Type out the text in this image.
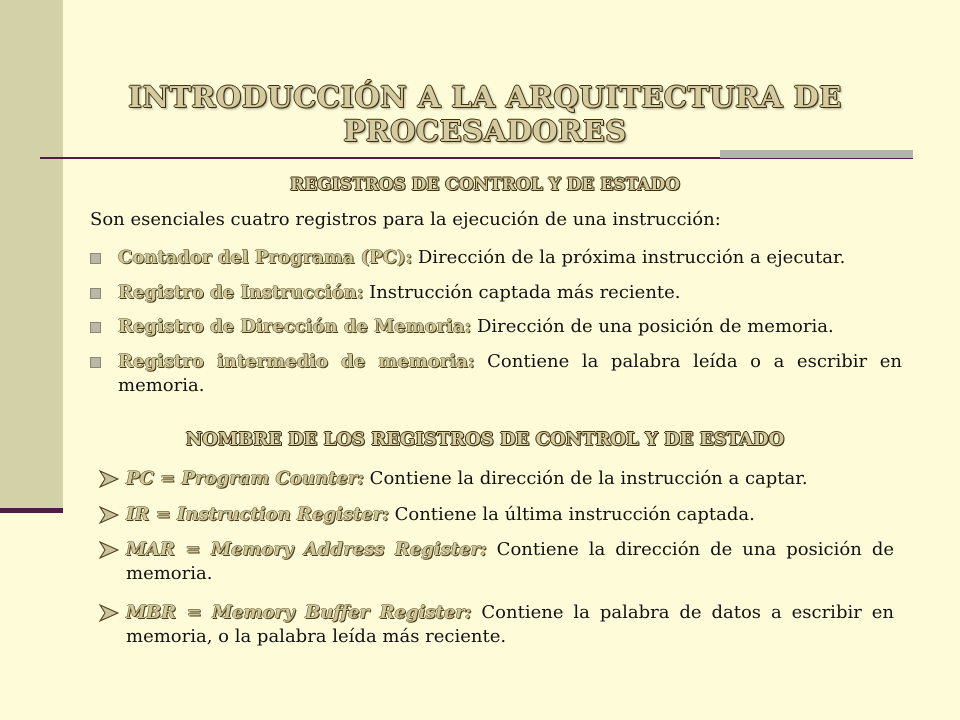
INTRODUCCIÓN A LA ARQUITECTURA DE PROCESADORES
REGISTROS DE CONTROL Y DE ESTADO
Son esenciales cuatro registros para la ejecución de una instrucción:
Contador del Programa (PC): Dirección de la próxima instrucción a ejecutar.
Registro de Instrucción: Instrucción captada más reciente.
Registro de Dirección de Memoria: Dirección de una posición de memoria.
Registro intermedio de memoria: Contiene la palabra leída o a escribir en memoria.
NOMBRE DE LOS REGISTROS DE CONTROL Y DE ESTADO
PC = Program Counter: Contiene la dirección de la instrucción a captar.
IR = Instruction Register: Contiene la última instrucción captada.
MAR = Memory Address Register: Contiene la dirección de una posición de memoria.
MBR = Memory Buffer Register: Contiene la palabra de datos a escribir en memoria, o la palabra leída más reciente.
